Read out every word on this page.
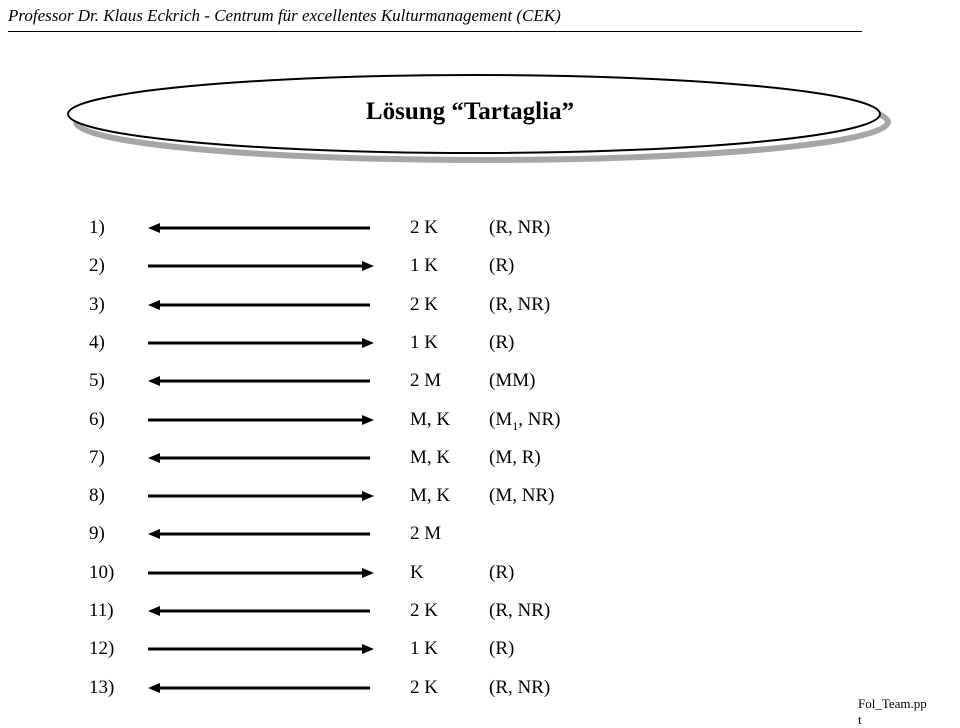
Professor Dr. Klaus Eckrich - Centrum für excellentes Kulturmanagement (CEK)
Lösung “Tartaglia”
1)	2 K	(R, NR)
2)	1 K	(R)
3)	2 K	(R, NR)
4)	1 K	(R)
5)	2 M	(MM)
6)	M, K ($M_1$, NR)
7)	M, K (M, R)
8)	M, K (M, NR)
9)	2 M
10)	K	(R)
11)	2 K	(R, NR)
12)	1 K	(R)
13)	2 K	(R, NR)
Fol_Team.pp
t
